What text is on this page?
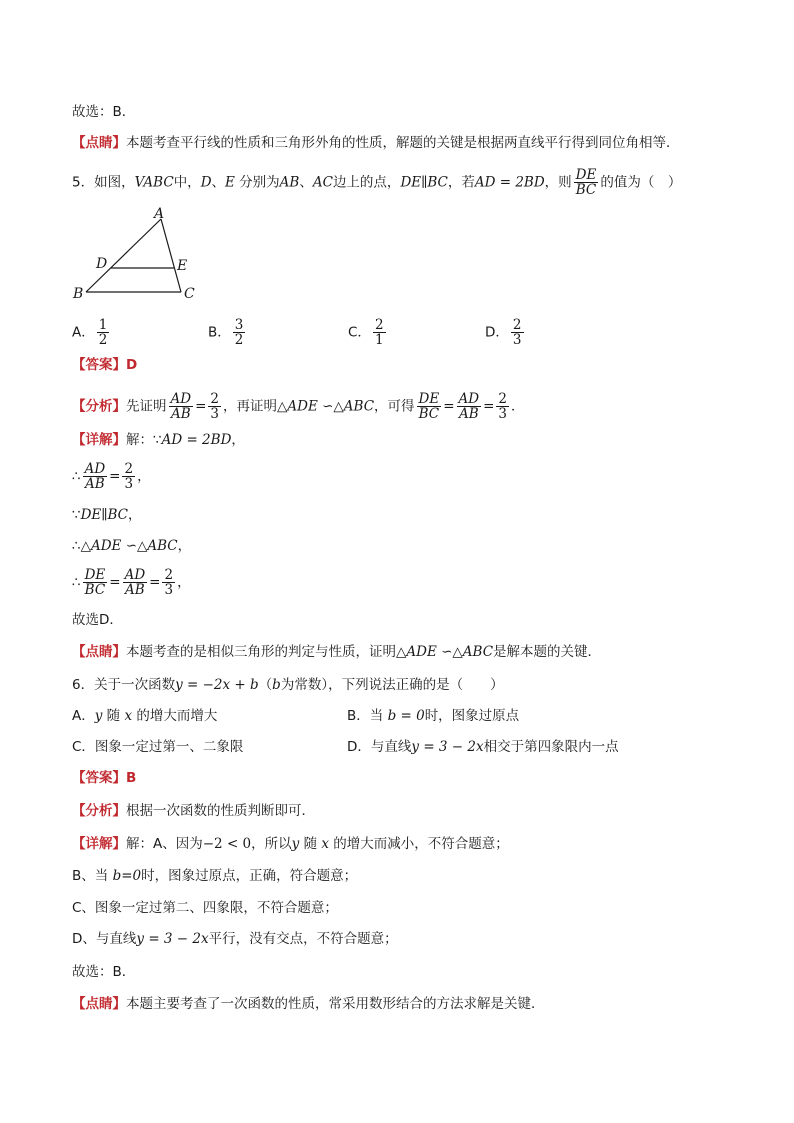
故选：B．
【点睛】本题考查平行线的性质和三角形外角的性质，解题的关键是根据两直线平行得到同位角相等．
5．如图，VABC中，D、E 分别为AB、AC边上的点，DE∥BC，若AD = 2BD，则 $\frac{DE}{BC}$ 的值为（　）
A
B	C
D	E
A． $\frac{1}{2}$	B． $\frac{3}{2}$	C． $\frac{2}{1}$	D． $\frac{2}{3}$
【答案】D
【分析】先证明 $\frac{AD}{AB} = \frac{2}{3}$ ，再证明△ADE ∽△ABC，可得 $\frac{DE}{BC} = \frac{AD}{AB} = \frac{2}{3}$ ．
【详解】解：∵AD = 2BD，
∴ $\frac{AD}{AB} = \frac{2}{3}$ ，
∵DE∥BC，
∴△ADE ∽△ABC，
∴ $\frac{DE}{BC} = \frac{AD}{AB} = \frac{2}{3}$ ，
故选D．
【点睛】本题考查的是相似三角形的判定与性质，证明△ADE ∽△ABC是解本题的关键．
6．关于一次函数y = −2x + b（b为常数），下列说法正确的是（　　）
A．y 随 x 的增大而增大	B．当 b = 0时，图象过原点
C．图象一定过第一、二象限	D．与直线y = 3 − 2x相交于第四象限内一点
【答案】B
【分析】根据一次函数的性质判断即可．
【详解】解：A、因为−2 < 0，所以y 随 x 的增大而减小，不符合题意；
B、当 b=0时，图象过原点，正确，符合题意；
C、图象一定过第二、四象限，不符合题意；
D、与直线y = 3 − 2x平行，没有交点，不符合题意；
故选：B．
【点睛】本题主要考查了一次函数的性质，常采用数形结合的方法求解是关键．
